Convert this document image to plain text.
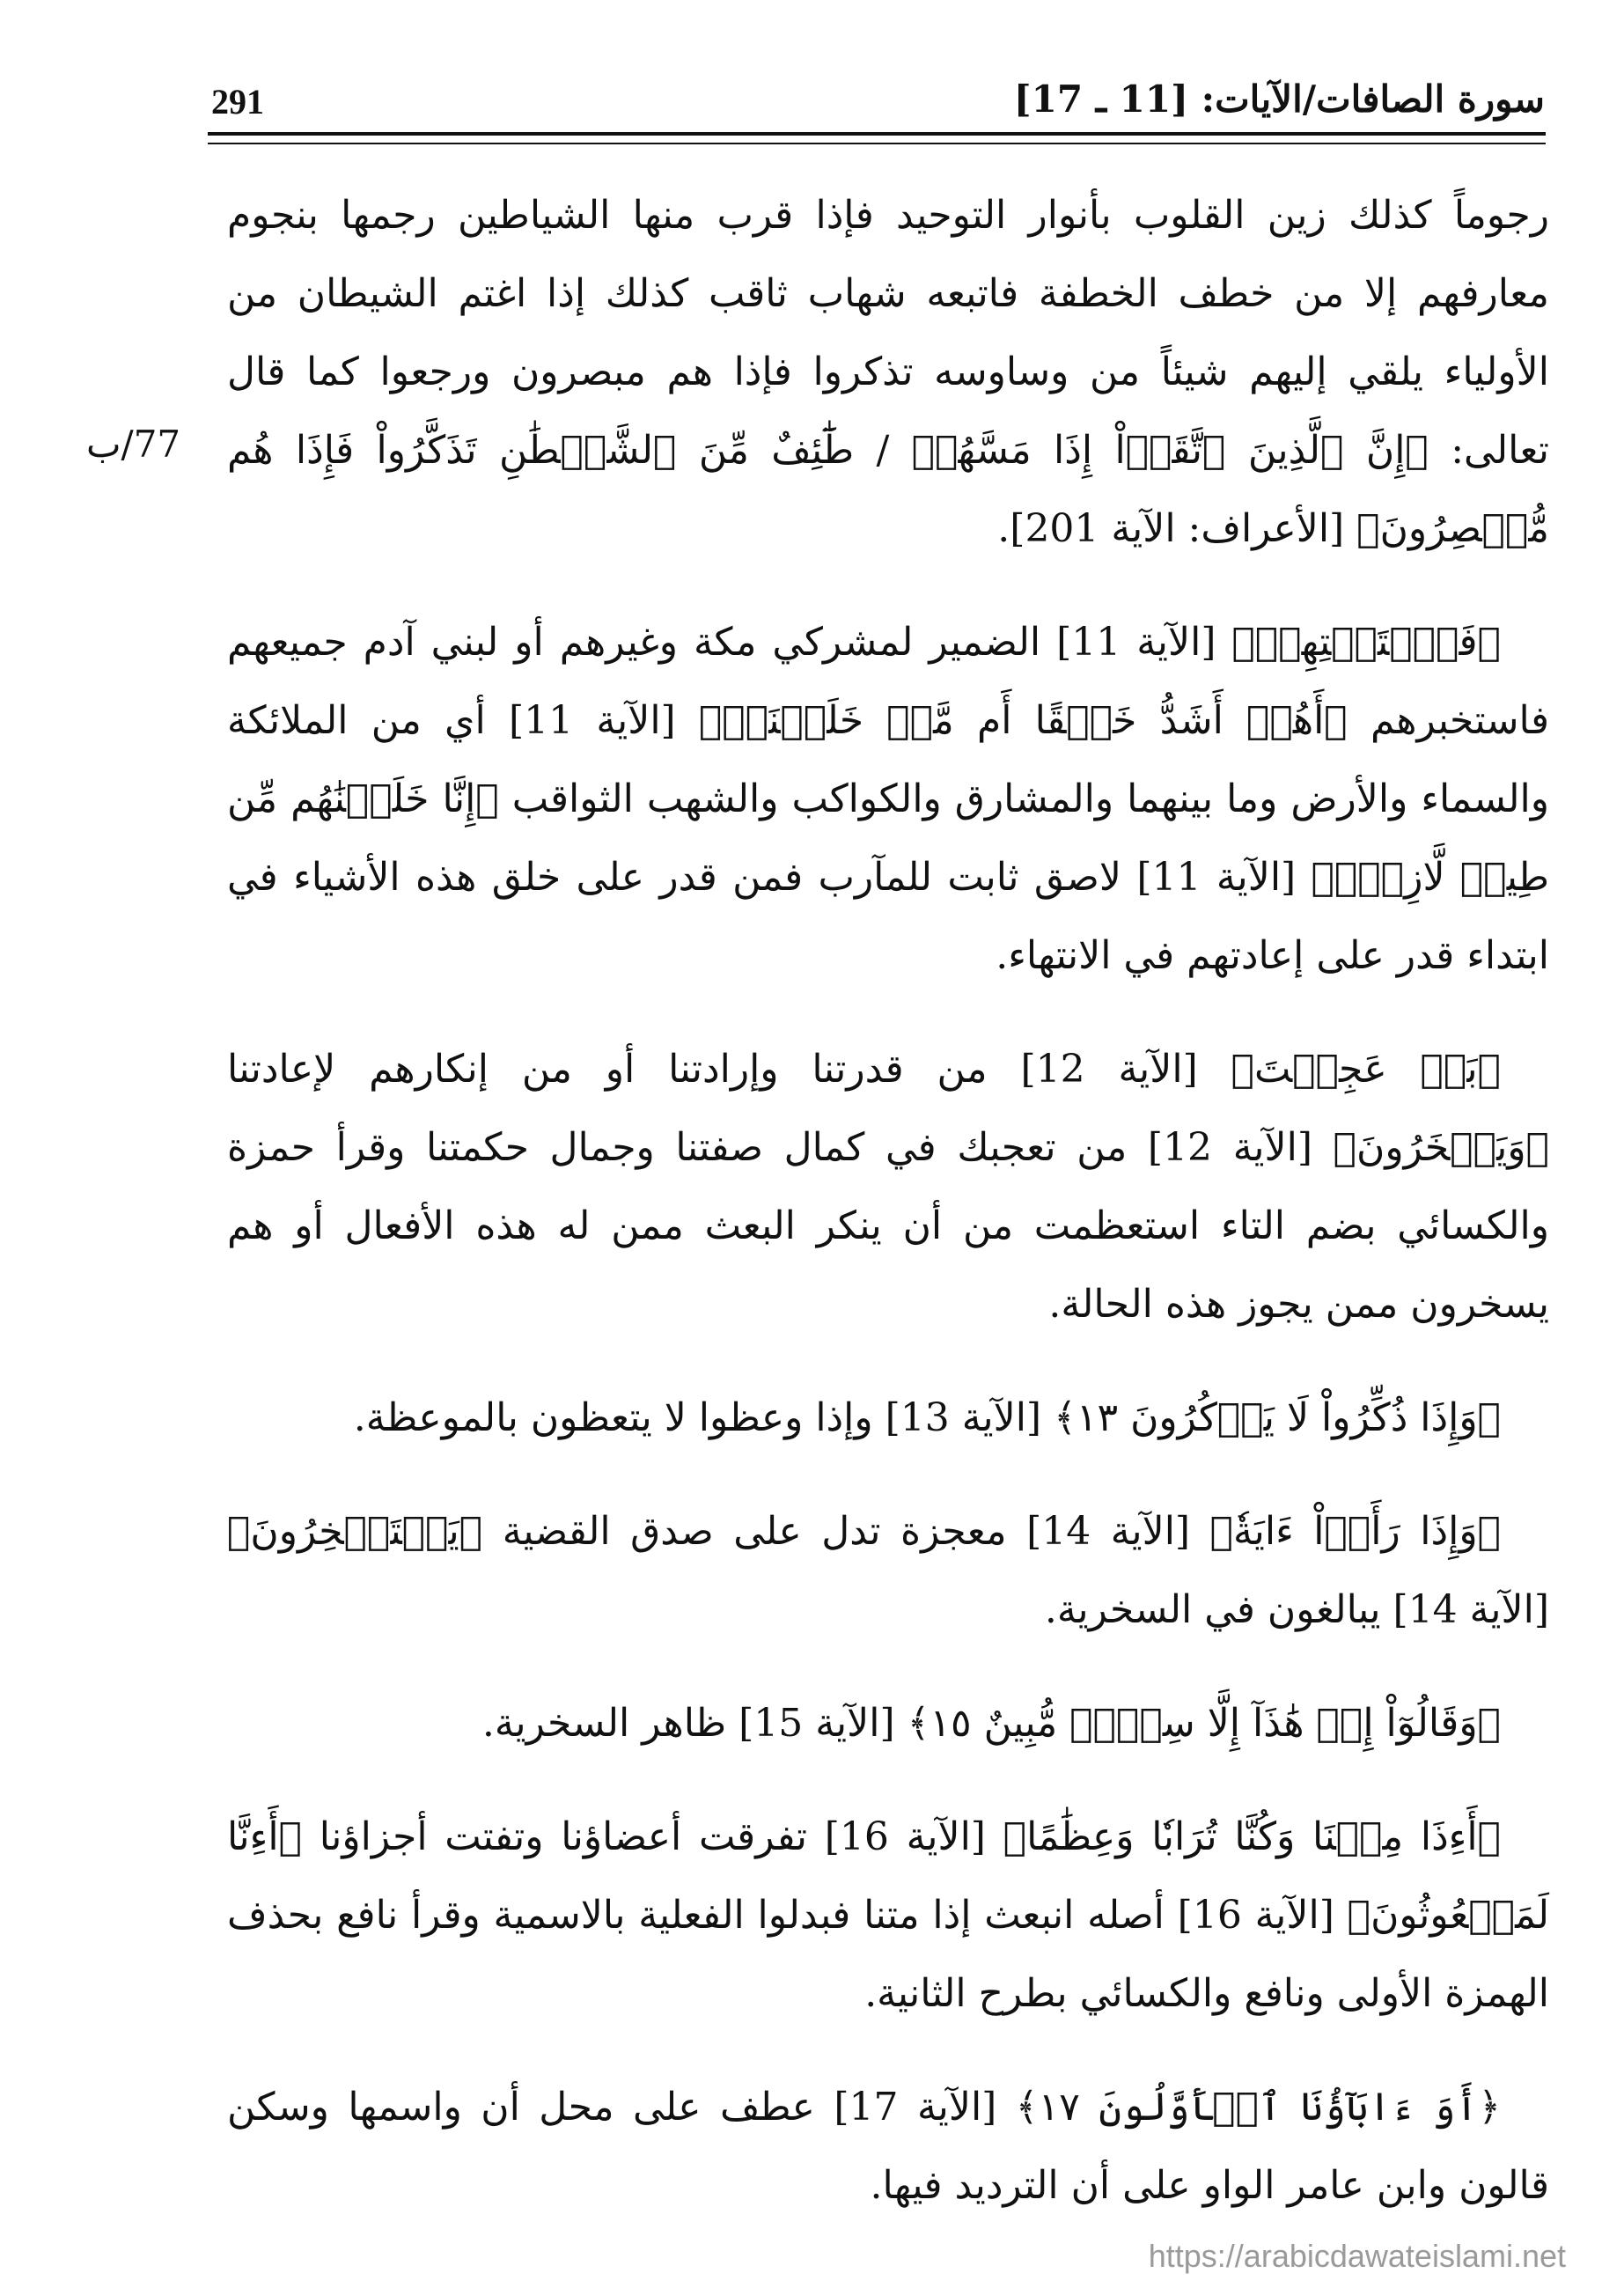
291	سورة الصافات/الآيات: [11 ـ 17]
77/ب

رجوماً كذلك زين القلوب بأنوار التوحيد فإذا قرب منها الشياطين رجمها بنجوم معارفهم إلا من خطف الخطفة فاتبعه شهاب ثاقب كذلك إذا اغتم الشيطان من الأولياء يلقي إليهم شيئاً من وساوسه تذكروا فإذا هم مبصرون ورجعوا كما قال تعالى: ﴿إِنَّ ٱلَّذِينَ ٱتَّقَوۡاْ إِذَا مَسَّهُمۡ / طَٰٓئِفٌ مِّنَ ٱلشَّيۡطَٰنِ تَذَكَّرُواْ فَإِذَا هُم مُّبۡصِرُونَ﴾ [الأعراف: الآية 201].

﴿فَٱسۡتَفۡتِهِمۡ﴾ [الآية 11] الضمير لمشركي مكة وغيرهم أو لبني آدم جميعهم فاستخبرهم ﴿أَهُمۡ أَشَدُّ خَلۡقًا أَم مَّنۡ خَلَقۡنَآۚ﴾ [الآية 11] أي من الملائكة والسماء والأرض وما بينهما والمشارق والكواكب والشهب الثواقب ﴿إِنَّا خَلَقۡنَٰهُم مِّن طِينٖ لَّازِبِۭ﴾ [الآية 11] لاصق ثابت للمآرب فمن قدر على خلق هذه الأشياء في ابتداء قدر على إعادتهم في الانتهاء.

﴿بَلۡ عَجِبۡتَ﴾ [الآية 12] من قدرتنا وإرادتنا أو من إنكارهم لإعادتنا ﴿وَيَسۡخَرُونَ﴾ [الآية 12] من تعجبك في كمال صفتنا وجمال حكمتنا وقرأ حمزة والكسائي بضم التاء استعظمت من أن ينكر البعث ممن له هذه الأفعال أو هم يسخرون ممن يجوز هذه الحالة.

﴿وَإِذَا ذُكِّرُواْ لَا يَذۡكُرُونَ ١٣﴾ [الآية 13] وإذا وعظوا لا يتعظون بالموعظة.

﴿وَإِذَا رَأَوۡاْ ءَايَةٗ﴾ [الآية 14] معجزة تدل على صدق القضية ﴿يَسۡتَسۡخِرُونَ﴾ [الآية 14] يبالغون في السخرية.

﴿وَقَالُوٓاْ إِنۡ هَٰذَآ إِلَّا سِحۡرٞ مُّبِينٌ ١٥﴾ [الآية 15] ظاهر السخرية.

﴿أَءِذَا مِتۡنَا وَكُنَّا تُرَابٗا وَعِظَٰمًا﴾ [الآية 16] تفرقت أعضاؤنا وتفتت أجزاؤنا ﴿أَءِنَّا لَمَبۡعُوثُونَ﴾ [الآية 16] أصله انبعث إذا متنا فبدلوا الفعلية بالاسمية وقرأ نافع بحذف الهمزة الأولى ونافع والكسائي بطرح الثانية.

﴿أَوَ ءَابَآؤُنَا ٱلۡأَوَّلُونَ ١٧﴾ [الآية 17] عطف على محل أن واسمها وسكن قالون وابن عامر الواو على أن الترديد فيها.

https://arabicdawateislami.net
